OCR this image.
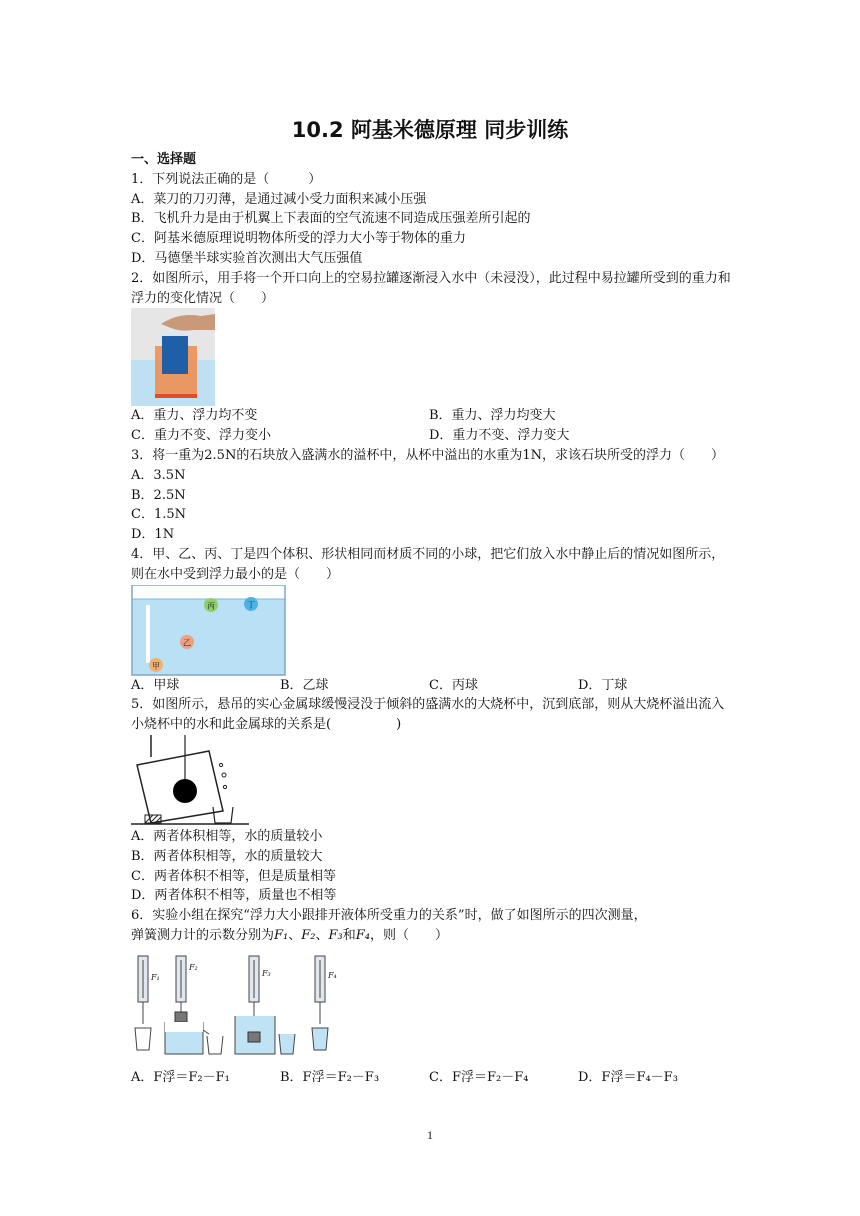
10.2 阿基米德原理 同步训练
一、选择题
1．下列说法正确的是（　　　）
A．菜刀的刀刃薄，是通过减小受力面积来减小压强
B．飞机升力是由于机翼上下表面的空气流速不同造成压强差所引起的
C．阿基米德原理说明物体所受的浮力大小等于物体的重力
D．马德堡半球实验首次测出大气压强值
2．如图所示，用手将一个开口向上的空易拉罐逐渐浸入水中（未浸没），此过程中易拉罐所受到的重力和浮力的变化情况（　　）
A．重力、浮力均不变	B．重力、浮力均变大
C．重力不变、浮力变小	D．重力不变、浮力变大
3．将一重为2.5N的石块放入盛满水的溢杯中，从杯中溢出的水重为1N，求该石块所受的浮力（　　）
A．3.5N
B．2.5N
C．1.5N
D．1N
4．甲、乙、丙、丁是四个体积、形状相同而材质不同的小球，把它们放入水中静止后的情况如图所示，则在水中受到浮力最小的是（　　）
丙	丁
乙
甲
A．甲球	B．乙球	C．丙球	D．丁球
5．如图所示，悬吊的实心金属球缓慢浸没于倾斜的盛满水的大烧杯中，沉到底部，则从大烧杯溢出流入小烧杯中的水和此金属球的关系是(　　　　　)
A．两者体积相等，水的质量较小
B．两者体积相等，水的质量较大
C．两者体积不相等，但是质量相等
D．两者体积不相等，质量也不相等
6．实验小组在探究“浮力大小跟排开液体所受重力的关系”时，做了如图所示的四次测量，
弹簧测力计的示数分别为F₁、F₂、F₃和F₄，则（　　）
F₁
F₂
F₃	F₄
A．F浮＝F₂－F₁	B．F浮＝F₂－F₃	C．F浮＝F₂－F₄	D．F浮＝F₄－F₃
1
